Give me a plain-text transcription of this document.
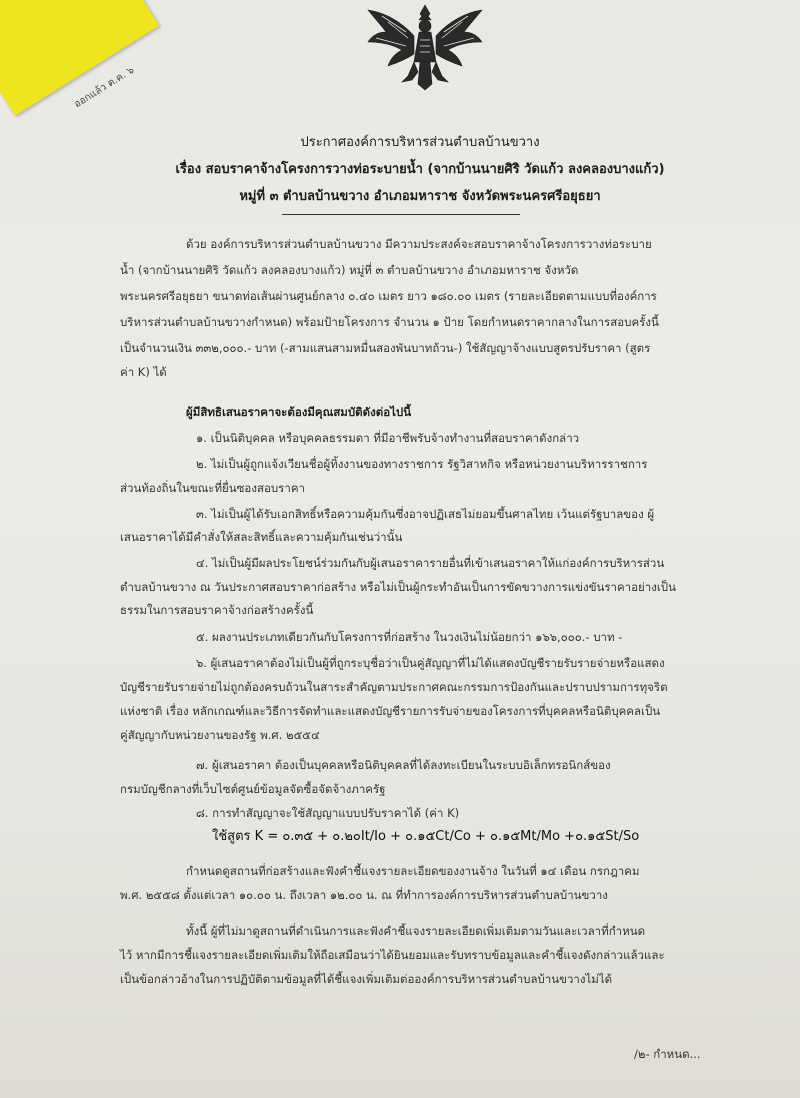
ออกแล้ว ต.ค. ๖
ประกาศองค์การบริหารส่วนตำบลบ้านขวาง
เรื่อง สอบราคาจ้างโครงการวางท่อระบายน้ำ (จากบ้านนายศิริ วัดแก้ว ลงคลองบางแก้ว)
หมู่ที่ ๓ ตำบลบ้านขวาง อำเภอมหาราช จังหวัดพระนครศรีอยุธยา
ด้วย องค์การบริหารส่วนตำบลบ้านขวาง มีความประสงค์จะสอบราคาจ้างโครงการวางท่อระบาย
น้ำ (จากบ้านนายศิริ วัดแก้ว ลงคลองบางแก้ว) หมู่ที่ ๓ ตำบลบ้านขวาง อำเภอมหาราช จังหวัด
พระนครศรีอยุธยา ขนาดท่อเส้นผ่านศูนย์กลาง ๐.๔๐ เมตร ยาว ๑๘๐.๐๐ เมตร (รายละเอียดตามแบบที่องค์การ
บริหารส่วนตำบลบ้านขวางกำหนด) พร้อมป้ายโครงการ จำนวน ๑ ป้าย โดยกำหนดราคากลางในการสอบครั้งนี้
เป็นจำนวนเงิน ๓๓๒,๐๐๐.- บาท (-สามแสนสามหมื่นสองพันบาทถ้วน-) ใช้สัญญาจ้างแบบสูตรปรับราคา (สูตร
ค่า K) ได้
ผู้มีสิทธิเสนอราคาจะต้องมีคุณสมบัติดังต่อไปนี้
๑. เป็นนิติบุคคล หรือบุคคลธรรมดา ที่มีอาชีพรับจ้างทำงานที่สอบราคาดังกล่าว
๒. ไม่เป็นผู้ถูกแจ้งเวียนชื่อผู้ทิ้งงานของทางราชการ รัฐวิสาหกิจ หรือหน่วยงานบริหารราชการ
ส่วนท้องถิ่นในขณะที่ยื่นซองสอบราคา
๓. ไม่เป็นผู้ได้รับเอกสิทธิ์หรือความคุ้มกันซึ่งอาจปฏิเสธไม่ยอมขึ้นศาลไทย เว้นแต่รัฐบาลของ ผู้
เสนอราคาได้มีคำสั่งให้สละสิทธิ์และความคุ้มกันเช่นว่านั้น
๔. ไม่เป็นผู้มีผลประโยชน์ร่วมกันกับผู้เสนอราคารายอื่นที่เข้าเสนอราคาให้แก่องค์การบริหารส่วน
ตำบลบ้านขวาง ณ วันประกาศสอบราคาก่อสร้าง หรือไม่เป็นผู้กระทำอันเป็นการขัดขวางการแข่งขันราคาอย่างเป็น
ธรรมในการสอบราคาจ้างก่อสร้างครั้งนี้
๕. ผลงานประเภทเดียวกันกับโครงการที่ก่อสร้าง ในวงเงินไม่น้อยกว่า ๑๖๖,๐๐๐.- บาท -
๖. ผู้เสนอราคาต้องไม่เป็นผู้ที่ถูกระบุชื่อว่าเป็นคู่สัญญาที่ไม่ได้แสดงบัญชีรายรับรายจ่ายหรือแสดง
บัญชีรายรับรายจ่ายไม่ถูกต้องครบถ้วนในสาระสำคัญตามประกาศคณะกรรมการป้องกันและปราบปรามการทุจริต
แห่งชาติ เรื่อง หลักเกณฑ์และวิธีการจัดทำและแสดงบัญชีรายการรับจ่ายของโครงการที่บุคคลหรือนิติบุคคลเป็น
คู่สัญญากับหน่วยงานของรัฐ พ.ศ. ๒๕๕๔
๗. ผู้เสนอราคา ต้องเป็นบุคคลหรือนิติบุคคลที่ได้ลงทะเบียนในระบบอิเล็กทรอนิกส์ของ
กรมบัญชีกลางที่เว็บไซต์ศูนย์ข้อมูลจัดซื้อจัดจ้างภาครัฐ
๘. การทำสัญญาจะใช้สัญญาแบบปรับราคาได้ (ค่า K)
ใช้สูตร K = ๐.๓๕ + ๐.๒๐It/Io + ๐.๑๕Ct/Co + ๐.๑๕Mt/Mo +๐.๑๕St/So
กำหนดดูสถานที่ก่อสร้างและฟังคำชี้แจงรายละเอียดของงานจ้าง ในวันที่ ๑๔ เดือน กรกฎาคม
พ.ศ. ๒๕๕๘ ตั้งแต่เวลา ๑๐.๐๐ น. ถึงเวลา ๑๒.๐๐ น. ณ ที่ทำการองค์การบริหารส่วนตำบลบ้านขวาง
ทั้งนี้ ผู้ที่ไม่มาดูสถานที่ดำเนินการและฟังคำชี้แจงรายละเอียดเพิ่มเติมตามวันและเวลาที่กำหนด
ไว้ หากมีการชี้แจงรายละเอียดเพิ่มเติมให้ถือเสมือนว่าได้ยินยอมและรับทราบข้อมูลและคำชี้แจงดังกล่าวแล้วและ
เป็นข้อกล่าวอ้างในการปฏิบัติตามข้อมูลที่ได้ชี้แจงเพิ่มเติมต่อองค์การบริหารส่วนตำบลบ้านขวางไม่ได้
/๒- กำหนด...
